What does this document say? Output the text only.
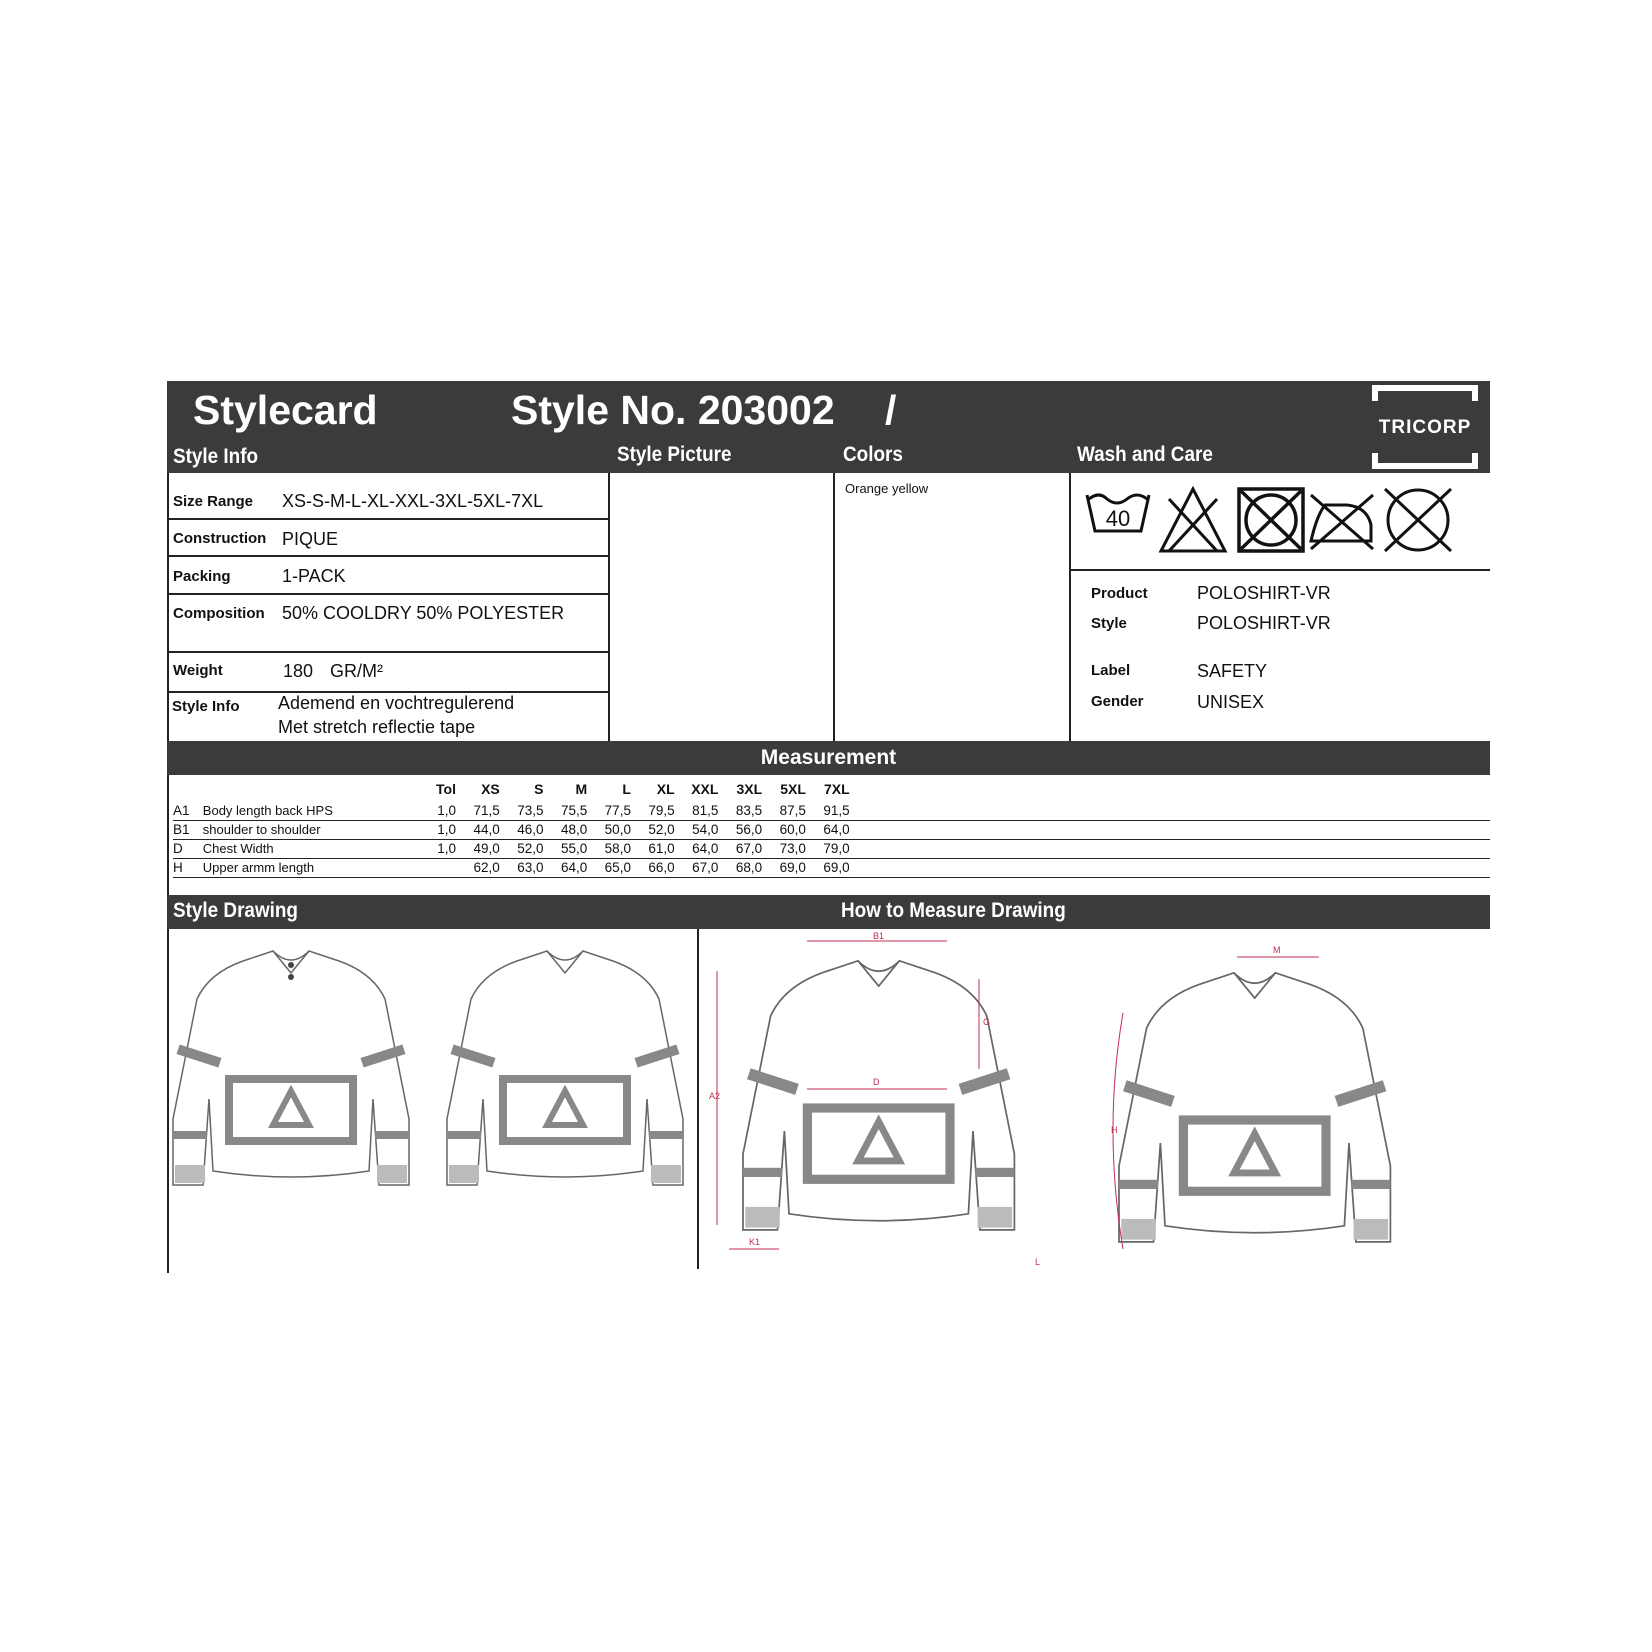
Stylecard	Style No. 203002 /
Style Info	Style Picture	Colors	Wash and Care
TRICORP
Size Range XS-S-M-L-XL-XXL-3XL-5XL-7XL
Construction PIQUE
Packing	1-PACK
Composition 50% COOLDRY 50% POLYESTER
Weight	180 GR/M²
Style Info Ademend en vochtregulerend
Met stretch reflectie tape
Orange yellow
40
Product	POLOSHIRT-VR
Style	POLOSHIRT-VR
Label	SAFETY
Gender	UNISEX
Measurement
		Tol	XS	S	M	L	XL	XXL	3XL	5XL	7XL	
A1	Body length back HPS	1,0	71,5	73,5	75,5	77,5	79,5	81,5	83,5	87,5	91,5	
B1	shoulder to shoulder	1,0	44,0	46,0	48,0	50,0	52,0	54,0	56,0	60,0	64,0	
D	Chest Width	1,0	49,0	52,0	55,0	58,0	61,0	64,0	67,0	73,0	79,0	
H	Upper armm length		62,0	63,0	64,0	65,0	66,0	67,0	68,0	69,0	69,0	
Style Drawing	How to Measure Drawing
A2
B1
D
G
K1
L
M
H
